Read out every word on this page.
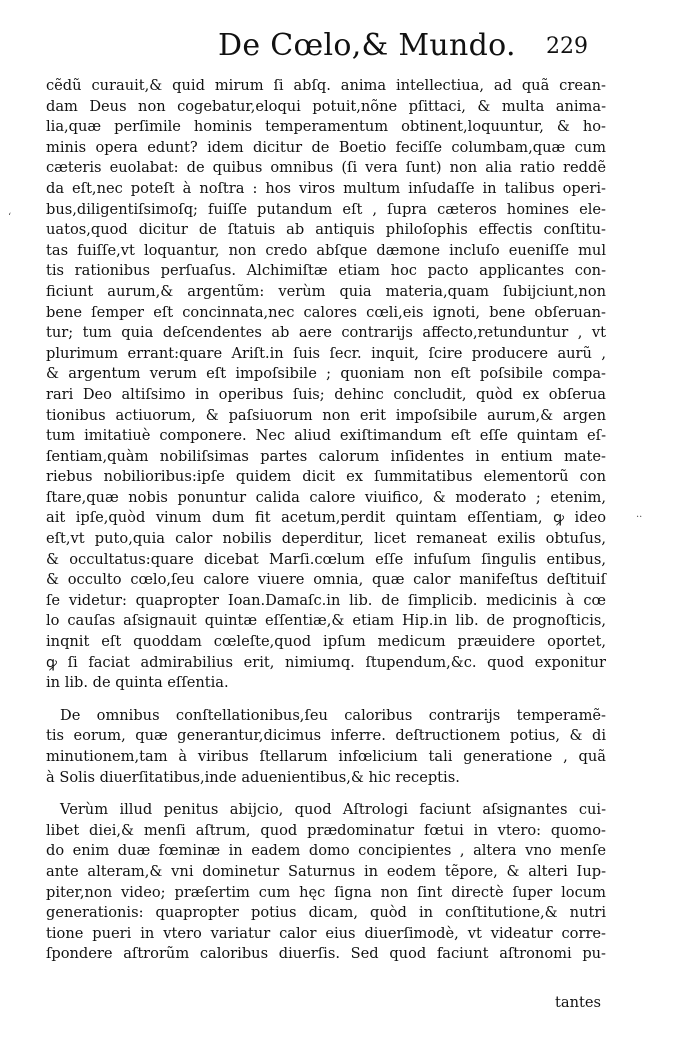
De Cœlo,& Mundo. 229
‘
··
cẽdũ curauit,& quid mirum ſi abſq. anima intellectiua, ad quã crean-
dam Deus non cogebatur,eloqui potuit,nõne pſittaci, & multa anima-
lia,quæ perſimile hominis temperamentum obtinent,loquuntur, & ho-
minis opera edunt? idem dicitur de Boetio feciſſe columbam,quæ cum
cæteris euolabat: de quibus omnibus (ſi vera ſunt) non alia ratio reddẽ
da eſt,nec poteſt à noſtra : hos viros multum inſudaſſe in talibus operi-
bus,diligentiſsimoſq; fuiſſe putandum eſt , ſupra cæteros homines ele-
uatos,quod dicitur de ſtatuis ab antiquis philoſophis effectis conſtitu-
tas fuiſſe,vt loquantur, non credo abſque dæmone incluſo eueniſſe mul
tis rationibus perſuaſus. Alchimiſtæ etiam hoc pacto applicantes con-
ficiunt aurum,& argentũm: verùm quia materia,quam ſubijciunt,non
bene ſemper eſt concinnata,nec calores cœli,eis ignoti, bene obſeruan-
tur; tum quia deſcendentes ab aere contrarijs affecto,retunduntur , vt
plurimum errant:quare Ariſt.in ſuis ſecr. inquit, ſcire producere aurũ ,
& argentum verum eſt impoſsibile ; quoniam non eſt poſsibile compa-
rari Deo altiſsimo in operibus ſuis; dehinc concludit, quòd ex obſerua
tionibus actiuorum, & paſsiuorum non erit impoſsibile aurum,& argen
tum imitatiuè componere. Nec aliud exiſtimandum eſt eſſe quintam eſ-
ſentiam,quàm nobiliſsimas partes calorum inſidentes in entium mate-
riebus nobilioribus:ipſe quidem dicit ex ſummitatibus elementorũ con
ſtare,quæ nobis ponuntur calida calore viuifico, & moderato ; etenim,
ait ipſe,quòd vinum dum fit acetum,perdit quintam eſſentiam, ꝙ ideo
eſt,vt puto,quia calor nobilis deperditur, licet remaneat exilis obtuſus,
& occultatus:quare dicebat Marſi.cœlum eſſe infuſum ſingulis entibus,
& occulto cœlo,ſeu calore viuere omnia, quæ calor manifeſtus deſtituiſ
ſe videtur: quapropter Ioan.Damaſc.in lib. de ſimplicib. medicinis à cœ
lo cauſas aſsignauit quintæ eſſentiæ,& etiam Hip.in lib. de prognoſticis,
inqnit eſt quoddam cœleſte,quod ipſum medicum præuidere oportet,
ꝙ ſi faciat admirabilius erit, nimiumq. ſtupendum,&c. quod exponitur
in lib. de quinta eſſentia.
De omnibus conſtellationibus,ſeu caloribus contrarijs temperamẽ-
tis eorum, quæ generantur,dicimus inferre. deſtructionem potius, & di
minutionem,tam à viribus ſtellarum infœlicium tali generatione , quã
à Solis diuerſitatibus,inde aduenientibus,& hic receptis.
Verùm illud penitus abijcio, quod Aſtrologi faciunt aſsignantes cui-
libet diei,& menſi aſtrum, quod prædominatur fœtui in vtero: quomo-
do enim duæ fœminæ in eadem domo concipientes , altera vno menſe
ante alteram,& vni dominetur Saturnus in eodem tẽpore, & alteri Iup-
piter,non video; præſertim cum hęc ſigna non ſint directè ſuper locum
generationis: quapropter potius dicam, quòd in conſtitutione,& nutri
tione pueri in vtero variatur calor eius diuerſimodè, vt videatur corre-
ſpondere aſtrorũm caloribus diuerſis. Sed quod faciunt aſtronomi pu-
tantes
